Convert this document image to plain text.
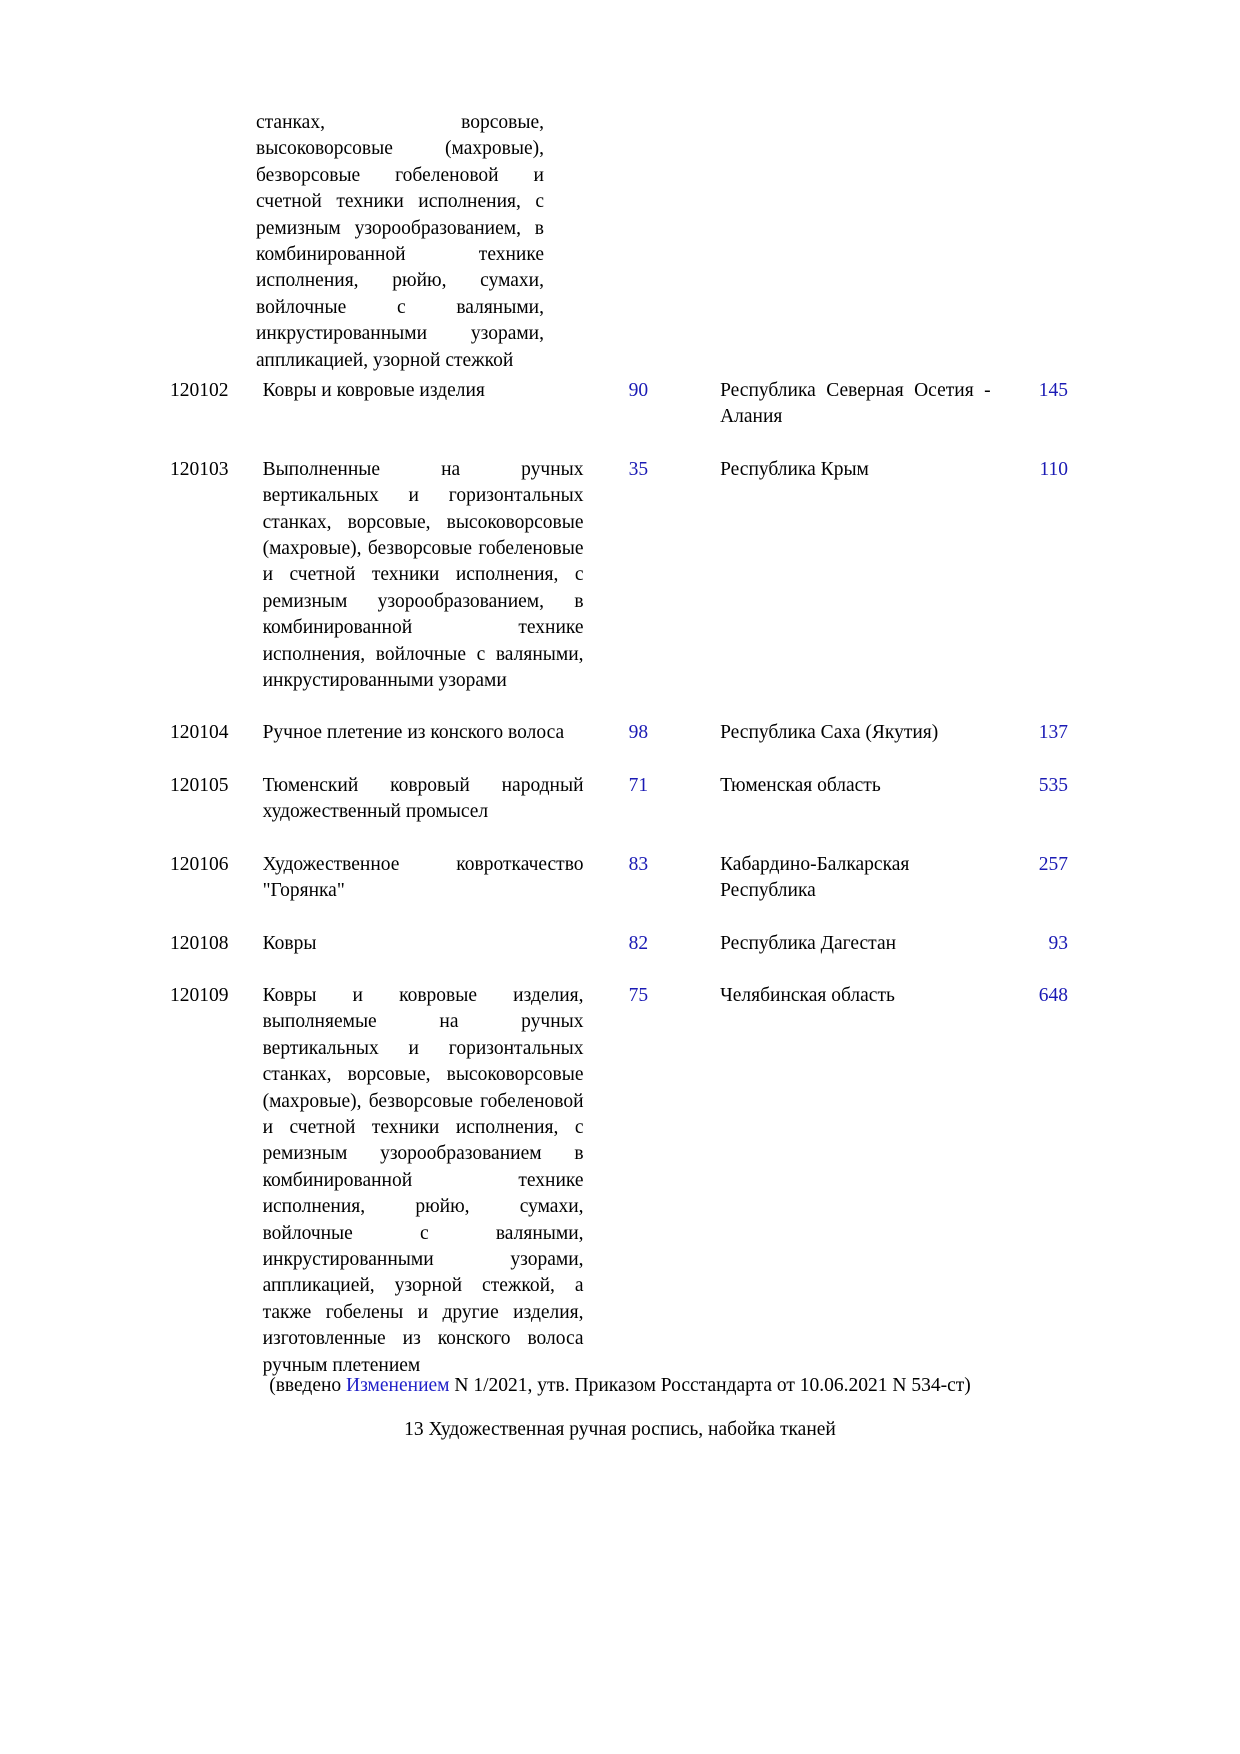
станках, ворсовые, высоковорсовые (махровые), безворсовые гобеленовой и счетной техники исполнения, с ремизным узорообразованием, в комбинированной технике исполнения, рюйю, сумахи, войлочные с валяными, инкрустированными узорами, аппликацией, узорной стежкой

120102	Ковры и ковровые изделия		90		Республика Северная Осетия - Алания		145

120103	Выполненные на ручных вертикальных и горизонтальных станках, ворсовые, высоковорсовые (махровые), безворсовые гобеленовые и счетной техники исполнения, с ремизным узорообразованием, в комбинированной технике исполнения, войлочные с валяными, инкрустированными узорами		35		Республика Крым		110

120104	Ручное плетение из конского волоса		98		Республика Саха (Якутия)		137

120105	Тюменский ковровый народный художественный промысел		71		Тюменская область		535

120106	Художественное ковроткачество "Горянка"		83		Кабардино-Балкарская Республика		257

120108	Ковры		82		Республика Дагестан		93

120109	Ковры и ковровые изделия, выполняемые на ручных вертикальных и горизонтальных станках, ворсовые, высоковорсовые (махровые), безворсовые гобеленовой и счетной техники исполнения, с ремизным узорообразованием в комбинированной технике исполнения, рюйю, сумахи, войлочные с валяными, инкрустированными узорами, аппликацией, узорной стежкой, а также гобелены и другие изделия, изготовленные из конского волоса ручным плетением		75		Челябинская область		648
(введено Изменением N 1/2021, утв. Приказом Росстандарта от 10.06.2021 N 534-ст)
13 Художественная ручная роспись, набойка тканей
